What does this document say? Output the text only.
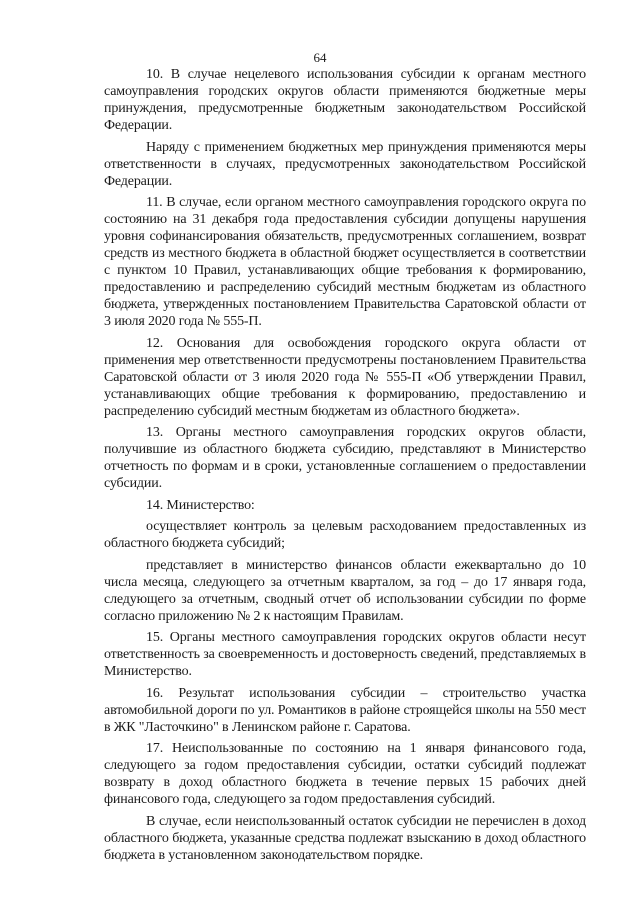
64

10. В случае нецелевого использования субсидии к органам местного самоуправления городских округов области применяются бюджетные меры принуждения, предусмотренные бюджетным законодательством Российской Федерации.

Наряду с применением бюджетных мер принуждения применяются меры ответственности в случаях, предусмотренных законодательством Российской Федерации.

11. В случае, если органом местного самоуправления городского округа по состоянию на 31 декабря года предоставления субсидии допущены нарушения уровня софинансирования обязательств, предусмотренных соглашением, возврат средств из местного бюджета в областной бюджет осуществляется в соответствии с пунктом 10 Правил, устанавливающих общие требования к формированию, предоставлению и распределению субсидий местным бюджетам из областного бюджета, утвержденных постановлением Правительства Саратовской области от 3 июля 2020 года № 555-П.

12. Основания для освобождения городского округа области от применения мер ответственности предусмотрены постановлением Правительства Саратовской области от 3 июля 2020 года № 555-П «Об утверждении Правил, устанавливающих общие требования к формированию, предоставлению и распределению субсидий местным бюджетам из областного бюджета».

13. Органы местного самоуправления городских округов области, получившие из областного бюджета субсидию, представляют в Министерство отчетность по формам и в сроки, установленные соглашением о предоставлении субсидии.

14. Министерство:

осуществляет контроль за целевым расходованием предоставленных из областного бюджета субсидий;

представляет в министерство финансов области ежеквартально до 10 числа месяца, следующего за отчетным кварталом, за год – до 17 января года, следующего за отчетным, сводный отчет об использовании субсидии по форме согласно приложению № 2 к настоящим Правилам.

15. Органы местного самоуправления городских округов области несут ответственность за своевременность и достоверность сведений, представляемых в Министерство.

16. Результат использования субсидии – строительство участка автомобильной дороги по ул. Романтиков в районе строящейся школы на 550 мест в ЖК "Ласточкино" в Ленинском районе г. Саратова.

17. Неиспользованные по состоянию на 1 января финансового года, следующего за годом предоставления субсидии, остатки субсидий подлежат возврату в доход областного бюджета в течение первых 15 рабочих дней финансового года, следующего за годом предоставления субсидий.

В случае, если неиспользованный остаток субсидии не перечислен в доход областного бюджета, указанные средства подлежат взысканию в доход областного бюджета в установленном законодательством порядке.
